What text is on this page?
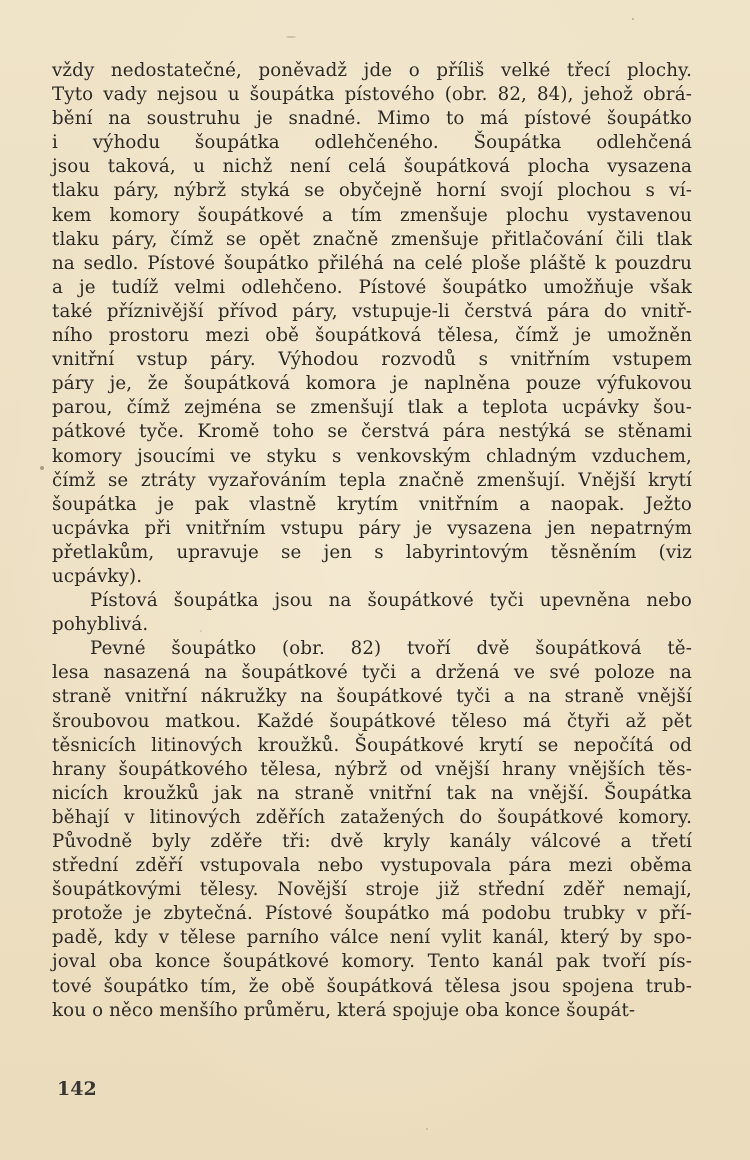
vždy nedostatečné, poněvadž jde o příliš velké třecí plochy.
Tyto vady nejsou u šoupátka pístového (obr. 82, 84), jehož obrá-
bění na soustruhu je snadné. Mimo to má pístové šoupátko
i výhodu šoupátka odlehčeného. Šoupátka odlehčená
jsou taková, u nichž není celá šoupátková plocha vysazena
tlaku páry, nýbrž styká se obyčejně horní svojí plochou s ví-
kem komory šoupátkové a tím zmenšuje plochu vystavenou
tlaku páry, čímž se opět značně zmenšuje přitlačování čili tlak
na sedlo. Pístové šoupátko přiléhá na celé ploše pláště k pouzdru
a je tudíž velmi odlehčeno. Pístové šoupátko umožňuje však
také příznivější přívod páry, vstupuje-li čerstvá pára do vnitř-
ního prostoru mezi obě šoupátková tělesa, čímž je umožněn
vnitřní vstup páry. Výhodou rozvodů s vnitřním vstupem
páry je, že šoupátková komora je naplněna pouze výfukovou
parou, čímž zejména se zmenšují tlak a teplota ucpávky šou-
pátkové tyče. Kromě toho se čerstvá pára nestýká se stěnami
komory jsoucími ve styku s venkovským chladným vzduchem,
čímž se ztráty vyzařováním tepla značně zmenšují. Vnější krytí
šoupátka je pak vlastně krytím vnitřním a naopak. Ježto
ucpávka při vnitřním vstupu páry je vysazena jen nepatrným
přetlakům, upravuje se jen s labyrintovým těsněním (viz
ucpávky).
Pístová šoupátka jsou na šoupátkové tyči upevněna nebo
pohyblivá.
Pevné šoupátko (obr. 82) tvoří dvě šoupátková tě-
lesa nasazená na šoupátkové tyči a držená ve své poloze na
straně vnitřní nákružky na šoupátkové tyči a na straně vnější
šroubovou matkou. Každé šoupátkové těleso má čtyři až pět
těsnicích litinových kroužků. Šoupátkové krytí se nepočítá od
hrany šoupátkového tělesa, nýbrž od vnější hrany vnějších těs-
nicích kroužků jak na straně vnitřní tak na vnější. Šoupátka
běhají v litinových zděřích zatažených do šoupátkové komory.
Původně byly zděře tři: dvě kryly kanály válcové a třetí
střední zděří vstupovala nebo vystupovala pára mezi oběma
šoupátkovými tělesy. Novější stroje již střední zděř nemají,
protože je zbytečná. Pístové šoupátko má podobu trubky v pří-
padě, kdy v tělese parního válce není vylit kanál, který by spo-
joval oba konce šoupátkové komory. Tento kanál pak tvoří pís-
tové šoupátko tím, že obě šoupátková tělesa jsou spojena trub-
kou o něco menšího průměru, která spojuje oba konce šoupát-
142
